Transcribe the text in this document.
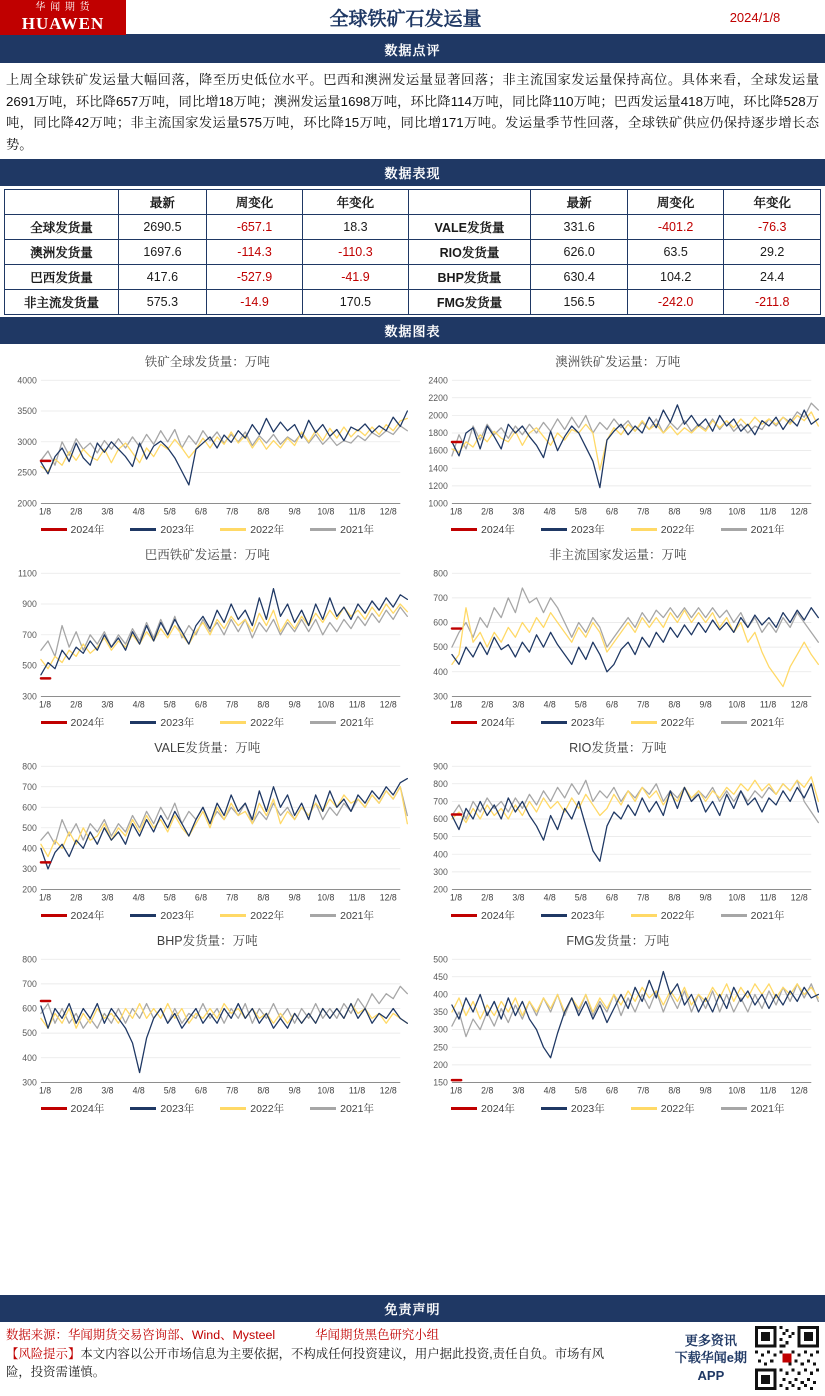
华 闻 期 货
HUAWEN	全球铁矿石发运量	2024/1/8
数据点评
上周全球铁矿发运量大幅回落，降至历史低位水平。巴西和澳洲发运量显著回落；非主流国家发运量保持高位。具体来看，全球发运量2691万吨，环比降657万吨，同比增18万吨；澳洲发运量1698万吨，环比降114万吨，同比降110万吨；巴西发运量418万吨，环比降528万吨，同比降42万吨；非主流国家发运量575万吨，环比降15万吨，同比增171万吨。发运量季节性回落，全球铁矿供应仍保持逐步增长态势。
数据表现
	最新	周变化	年变化		最新	周变化	年变化
全球发货量	2690.5	-657.1	18.3	VALE发货量	331.6	-401.2	-76.3
澳洲发货量	1697.6	-114.3	-110.3	RIO发货量	626.0	63.5	29.2
巴西发货量	417.6	-527.9	-41.9	BHP发货量	630.4	104.2	24.4
非主流发货量	575.3	-14.9	170.5	FMG发货量	156.5	-242.0	-211.8
数据图表
铁矿全球发货量：万吨
2000
2500
3000
3500
4000
1/8 2/8 3/8 4/8 5/8 6/8 7/8 8/8 9/8 10/8 11/8 12/8
2024年	2023年	2022年	2021年
澳洲铁矿发运量：万吨
1000
1200
1400
1600
1800
2000
2200
2400
1/8 2/8 3/8 4/8 5/8 6/8 7/8 8/8 9/8 10/8 11/8 12/8
2024年	2023年	2022年	2021年
巴西铁矿发运量：万吨
300
500
700
900
1100
1/8 2/8 3/8 4/8 5/8 6/8 7/8 8/8 9/8 10/8 11/8 12/8
2024年	2023年	2022年	2021年
非主流国家发运量：万吨
300
400
500
600
700
800
1/8 2/8 3/8 4/8 5/8 6/8 7/8 8/8 9/8 10/8 11/8 12/8
2024年	2023年	2022年	2021年
VALE发货量：万吨
200
300
400
500
600
700
800
1/8 2/8 3/8 4/8 5/8 6/8 7/8 8/8 9/8 10/8 11/8 12/8
2024年	2023年	2022年	2021年
RIO发货量：万吨
200
300
400
500
600
700
800
900
1/8 2/8 3/8 4/8 5/8 6/8 7/8 8/8 9/8 10/8 11/8 12/8
2024年	2023年	2022年	2021年
BHP发货量：万吨
300
400
500
600
700
800
1/8 2/8 3/8 4/8 5/8 6/8 7/8 8/8 9/8 10/8 11/8 12/8
2024年	2023年	2022年	2021年
FMG发货量：万吨
150
200
250
300
350
400
450
500
1/8 2/8 3/8 4/8 5/8 6/8 7/8 8/8 9/8 10/8 11/8 12/8
2024年	2023年	2022年	2021年
免责声明
数据来源：华闻期货交易咨询部、Wind、Mysteel	华闻期货黑色研究小组
【风险提示】本文内容以公开市场信息为主要依据，不构成任何投资建议，用户据此投资,责任自负。市场有风险，投资需谨慎。
更多资讯
下载华闻e期
APP
